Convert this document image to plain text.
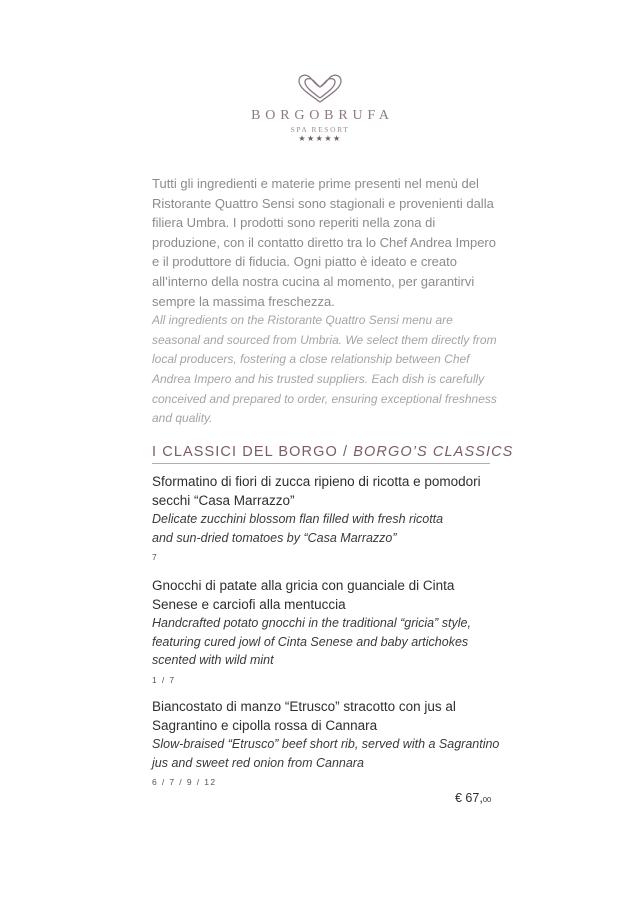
BORGOBRUFA
SPA RESORT
★★★★★

Tutti gli ingredienti e materie prime presenti nel menù del Ristorante Quattro Sensi sono stagionali e provenienti dalla filiera Umbra. I prodotti sono reperiti nella zona di produzione, con il contatto diretto tra lo Chef Andrea Impero e il produttore di fiducia. Ogni piatto è ideato e creato all’interno della nostra cucina al momento, per garantirvi sempre la massima freschezza.

All ingredients on the Ristorante Quattro Sensi menu are seasonal and sourced from Umbria. We select them directly from local producers, fostering a close relationship between Chef Andrea Impero and his trusted suppliers. Each dish is carefully conceived and prepared to order, ensuring exceptional freshness and quality.

I CLASSICI DEL BORGO / BORGO’S CLASSICS

Sformatino di fiori di zucca ripieno di ricotta e pomodori secchi “Casa Marrazzo”

Delicate zucchini blossom flan filled with fresh ricotta and sun-dried tomatoes by “Casa Marrazzo”

7

Gnocchi di patate alla gricia con guanciale di Cinta Senese e carciofi alla mentuccia

Handcrafted potato gnocchi in the traditional “gricia” style, featuring cured jowl of Cinta Senese and baby artichokes scented with wild mint

1 / 7

Biancostato di manzo “Etrusco” stracotto con jus al Sagrantino e cipolla rossa di Cannara

Slow-braised “Etrusco” beef short rib, served with a Sagrantino jus and sweet red onion from Cannara

6 / 7 / 9 / 12
€ 67,00
